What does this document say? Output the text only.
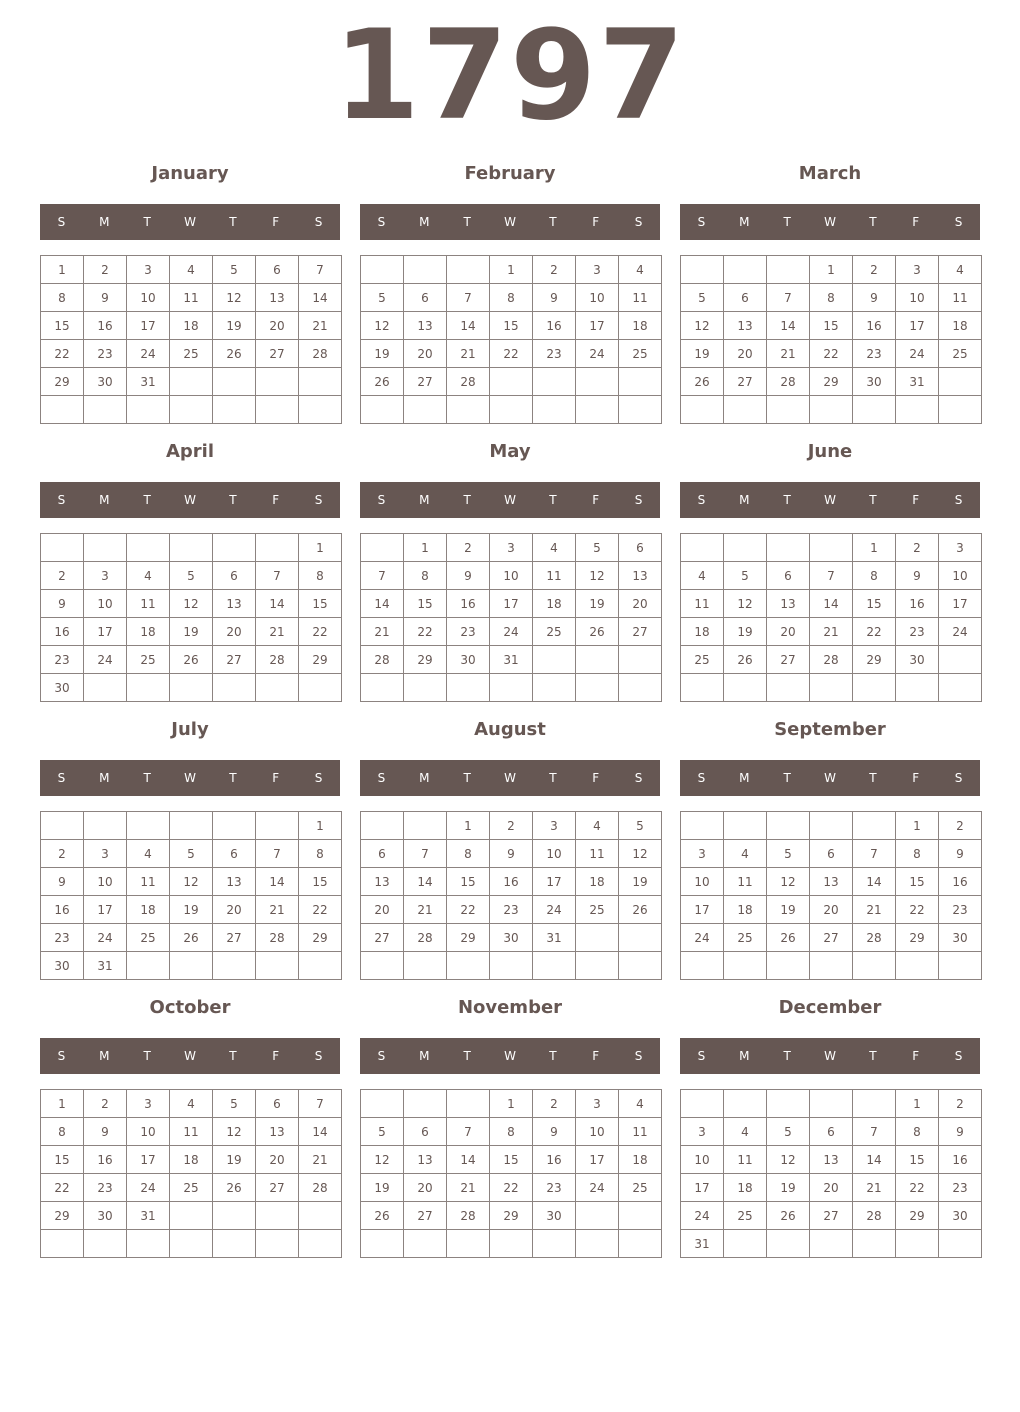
1797
January
S	M	T	W	T	F	S
1	2	3	4	5	6	7
8	9	10	11	12	13	14
15	16	17	18	19	20	21
22	23	24	25	26	27	28
29	30	31				

February
S	M	T	W	T	F	S
			1	2	3	4
5	6	7	8	9	10	11
12	13	14	15	16	17	18
19	20	21	22	23	24	25
26	27	28				

March
S	M	T	W	T	F	S
			1	2	3	4
5	6	7	8	9	10	11
12	13	14	15	16	17	18
19	20	21	22	23	24	25
26	27	28	29	30	31	

April
S	M	T	W	T	F	S
						1
2	3	4	5	6	7	8
9	10	11	12	13	14	15
16	17	18	19	20	21	22
23	24	25	26	27	28	29
30						
May
S	M	T	W	T	F	S
	1	2	3	4	5	6
7	8	9	10	11	12	13
14	15	16	17	18	19	20
21	22	23	24	25	26	27
28	29	30	31			

June
S	M	T	W	T	F	S
				1	2	3
4	5	6	7	8	9	10
11	12	13	14	15	16	17
18	19	20	21	22	23	24
25	26	27	28	29	30	

July
S	M	T	W	T	F	S
						1
2	3	4	5	6	7	8
9	10	11	12	13	14	15
16	17	18	19	20	21	22
23	24	25	26	27	28	29
30	31					
August
S	M	T	W	T	F	S
		1	2	3	4	5
6	7	8	9	10	11	12
13	14	15	16	17	18	19
20	21	22	23	24	25	26
27	28	29	30	31		

September
S	M	T	W	T	F	S
					1	2
3	4	5	6	7	8	9
10	11	12	13	14	15	16
17	18	19	20	21	22	23
24	25	26	27	28	29	30

October
S	M	T	W	T	F	S
1	2	3	4	5	6	7
8	9	10	11	12	13	14
15	16	17	18	19	20	21
22	23	24	25	26	27	28
29	30	31				

November
S	M	T	W	T	F	S
			1	2	3	4
5	6	7	8	9	10	11
12	13	14	15	16	17	18
19	20	21	22	23	24	25
26	27	28	29	30		

December
S	M	T	W	T	F	S
					1	2
3	4	5	6	7	8	9
10	11	12	13	14	15	16
17	18	19	20	21	22	23
24	25	26	27	28	29	30
31						
